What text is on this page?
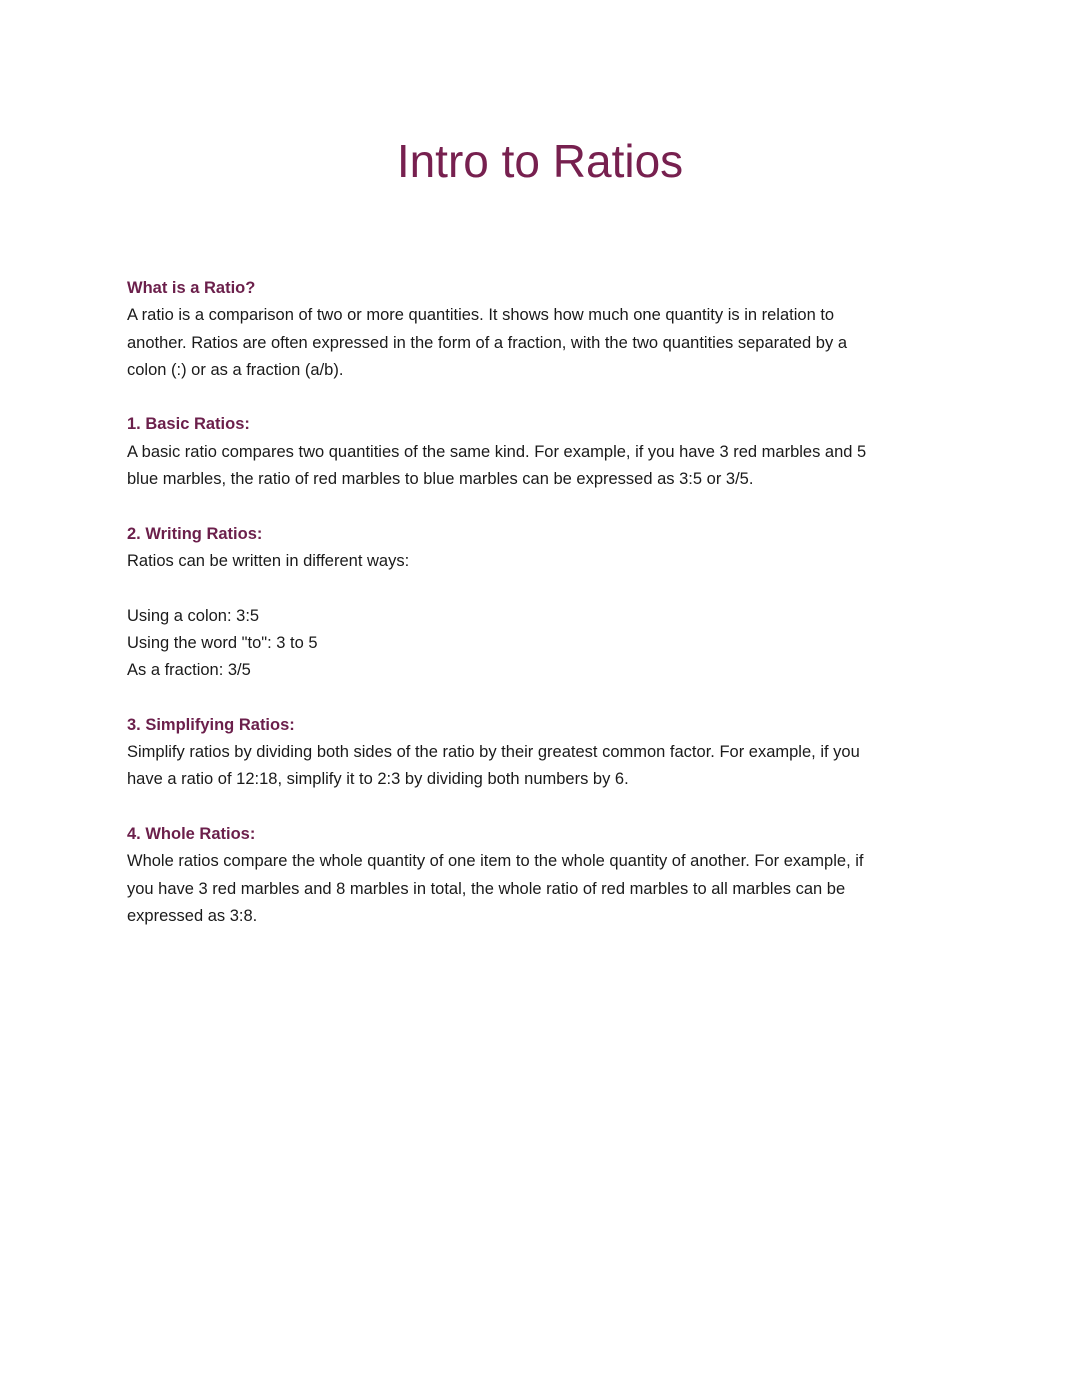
Intro to Ratios

What is a Ratio?

A ratio is a comparison of two or more quantities. It shows how much one quantity is in relation to

another. Ratios are often expressed in the form of a fraction, with the two quantities separated by a

colon (:) or as a fraction (a/b).

1. Basic Ratios:

A basic ratio compares two quantities of the same kind. For example, if you have 3 red marbles and 5

blue marbles, the ratio of red marbles to blue marbles can be expressed as 3:5 or 3/5.

2. Writing Ratios:

Ratios can be written in different ways:

Using a colon: 3:5

Using the word "to": 3 to 5

As a fraction: 3/5

3. Simplifying Ratios:

Simplify ratios by dividing both sides of the ratio by their greatest common factor. For example, if you

have a ratio of 12:18, simplify it to 2:3 by dividing both numbers by 6.

4. Whole Ratios:

Whole ratios compare the whole quantity of one item to the whole quantity of another. For example, if

you have 3 red marbles and 8 marbles in total, the whole ratio of red marbles to all marbles can be

expressed as 3:8.
